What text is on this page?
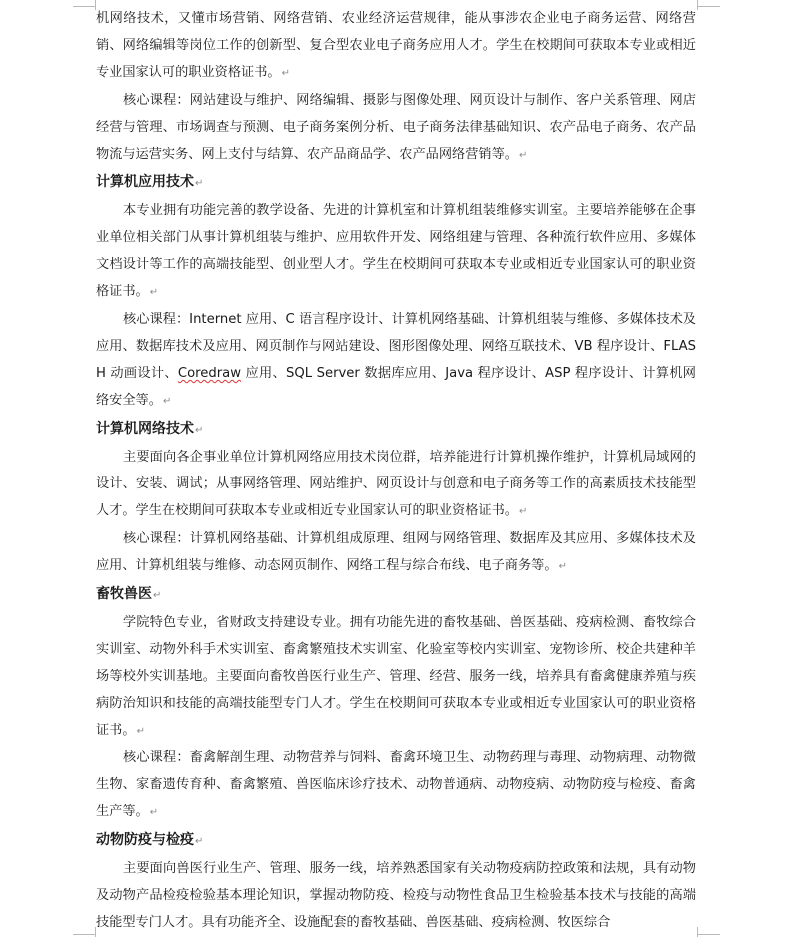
机网络技术，又懂市场营销、网络营销、农业经济运营规律，能从事涉农企业电子商务运营、网络营销、网络编辑等岗位工作的创新型、复合型农业电子商务应用人才。学生在校期间可获取本专业或相近专业国家认可的职业资格证书。↵

核心课程：网站建设与维护、网络编辑、摄影与图像处理、网页设计与制作、客户关系管理、网店经营与管理、市场调查与预测、电子商务案例分析、电子商务法律基础知识、农产品电子商务、农产品物流与运营实务、网上支付与结算、农产品商品学、农产品网络营销等。↵

计算机应用技术↵

本专业拥有功能完善的教学设备、先进的计算机室和计算机组装维修实训室。主要培养能够在企事业单位相关部门从事计算机组装与维护、应用软件开发、网络组建与管理、各种流行软件应用、多媒体文档设计等工作的高端技能型、创业型人才。学生在校期间可获取本专业或相近专业国家认可的职业资格证书。↵

核心课程：Internet 应用、C 语言程序设计、计算机网络基础、计算机组装与维修、多媒体技术及应用、数据库技术及应用、网页制作与网站建设、图形图像处理、网络互联技术、VB 程序设计、FLASH 动画设计、Coredraw 应用、SQL Server 数据库应用、Java 程序设计、ASP 程序设计、计算机网络安全等。↵

计算机网络技术↵

主要面向各企事业单位计算机网络应用技术岗位群，培养能进行计算机操作维护，计算机局域网的设计、安装、调试；从事网络管理、网站维护、网页设计与创意和电子商务等工作的高素质技术技能型人才。学生在校期间可获取本专业或相近专业国家认可的职业资格证书。↵

核心课程：计算机网络基础、计算机组成原理、组网与网络管理、数据库及其应用、多媒体技术及应用、计算机组装与维修、动态网页制作、网络工程与综合布线、电子商务等。↵

畜牧兽医↵

学院特色专业，省财政支持建设专业。拥有功能先进的畜牧基础、兽医基础、疫病检测、畜牧综合实训室、动物外科手术实训室、畜禽繁殖技术实训室、化验室等校内实训室、宠物诊所、校企共建种羊场等校外实训基地。主要面向畜牧兽医行业生产、管理、经营、服务一线，培养具有畜禽健康养殖与疾病防治知识和技能的高端技能型专门人才。学生在校期间可获取本专业或相近专业国家认可的职业资格证书。↵

核心课程：畜禽解剖生理、动物营养与饲料、畜禽环境卫生、动物药理与毒理、动物病理、动物微生物、家畜遗传育种、畜禽繁殖、兽医临床诊疗技术、动物普通病、动物疫病、动物防疫与检疫、畜禽生产等。↵

动物防疫与检疫↵

主要面向兽医行业生产、管理、服务一线，培养熟悉国家有关动物疫病防控政策和法规，具有动物及动物产品检疫检验基本理论知识，掌握动物防疫、检疫与动物性食品卫生检验基本技术与技能的高端技能型专门人才。具有功能齐全、设施配套的畜牧基础、兽医基础、疫病检测、牧医综合
